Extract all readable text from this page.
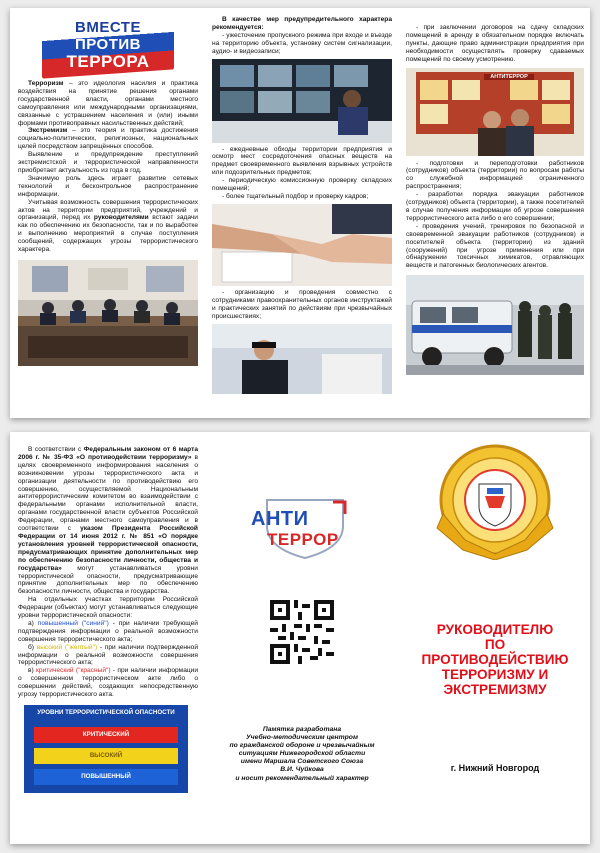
ВМЕСТЕ
ПРОТИВ
ТЕРРОРА

Терроризм – это идеология насилия и практика воздействия на принятие решения органами государственной власти, органами местного самоуправления или международными организациями, связанные с устрашением населения и (или) иными формами противоправных насильственных действий;

Экстремизм – это теория и практика достижения социально-политических, религиозных, национальных целей посредством запрещённых способов.

Выявление и предупреждение преступлений экстремистской и террористической направленности приобретает актуальность из года в год.

Значимую роль здесь играет развитие сетевых технологий и бесконтрольное распространение информации.

Учитывая возможность совершения террористических актов на территории предприятий, учреждений и организаций, перед их руководителями встают задачи как по обеспечению их безопасности, так и по выработке и выполнению мероприятий в случае поступления сообщений, содержащих угрозы террористического характера.

В качестве мер предупредительного характера рекомендуется:

- ужесточение пропускного режима при входе и въезде на территорию объекта, установку систем сигнализации, аудио- и видеозаписи;

- ежедневные обходы территории предприятия и осмотр мест сосредоточения опасных веществ на предмет своевременного выявления взрывных устройств или подозрительных предметов;

- периодическую комиссионную проверку складских помещений;

- более тщательный подбор и проверку кадров;

- организацию и проведения совместно с сотрудниками правоохранительных органов инструктажей и практических занятий по действиям при чрезвычайных происшествиях;

- при заключении договоров на сдачу складских помещений в аренду в обязательном порядке включать пункты, дающие право администрации предприятия при необходимости осуществлять проверку сдаваемых помещений по своему усмотрению.

АНТИТЕРРОР

- подготовки и переподготовки работников (сотрудников) объекта (территории) по вопросам работы со служебной информацией ограниченного распространения;

- разработки порядка эвакуации работников (сотрудников) объекта (территории), а также посетителей в случае получения информации об угрозе совершения террористического акта либо о его совершении;

- проведения учений, тренировок по безопасной и своевременной эвакуации работников (сотрудников) и посетителей объекта (территории) из зданий (сооружений) при угрозе применения или при обнаружении токсичных химикатов, отравляющих веществ и патогенных биологических агентов.

В соответствии с Федеральным законом от 6 марта 2006 г. № 35-ФЗ «О противодействии терроризму» в целях своевременного информирования населения о возникновении угрозы террористического акта и организации деятельности по противодействию его совершению, осуществляемой Национальным антитеррористическим комитетом во взаимодействии с федеральными органами исполнительной власти, органами государственной власти субъектов Российской Федерации, органами местного самоуправления и в соответствии с указом Президента Российской Федерации от 14 июня 2012 г. № 851 «О порядке установления уровней террористической опасности, предусматривающих принятие дополнительных мер по обеспечению безопасности личности, общества и государства» могут устанавливаться уровни террористической опасности, предусматривающие принятие дополнительных мер по обеспечению безопасности личности, общества и государства.

На отдельных участках территории Российской Федерации (объектах) могут устанавливаться следующие уровни террористической опасности:

а) повышенный ("синий") - при наличии требующей подтверждения информации о реальной возможности совершения террористического акта;

б) высокий ("желтый") - при наличии подтвержденной информации о реальной возможности совершения террористического акта;

в) критический ("красный") - при наличии информации о совершенном террористическом акте либо о совершении действий, создающих непосредственную угрозу террористического акта.

УРОВНИ ТЕРРОРИСТИЧЕСКОЙ ОПАСНОСТИ
КРИТИЧЕСКИЙ
ВЫСОКИЙ
ПОВЫШЕННЫЙ
АНТИ
ТЕРРОР
Памятка разработана
Учебно-методическим центром
по гражданской обороне и чрезвычайным
ситуациям Нижегородской области
имени Маршала Советского Союза
В.И. Чуйкова
и носит рекомендательный характер
РУКОВОДИТЕЛЮ
ПО
ПРОТИВОДЕЙСТВИЮ
ТЕРРОРИЗМУ И
ЭКСТРЕМИЗМУ
г. Нижний Новгород
